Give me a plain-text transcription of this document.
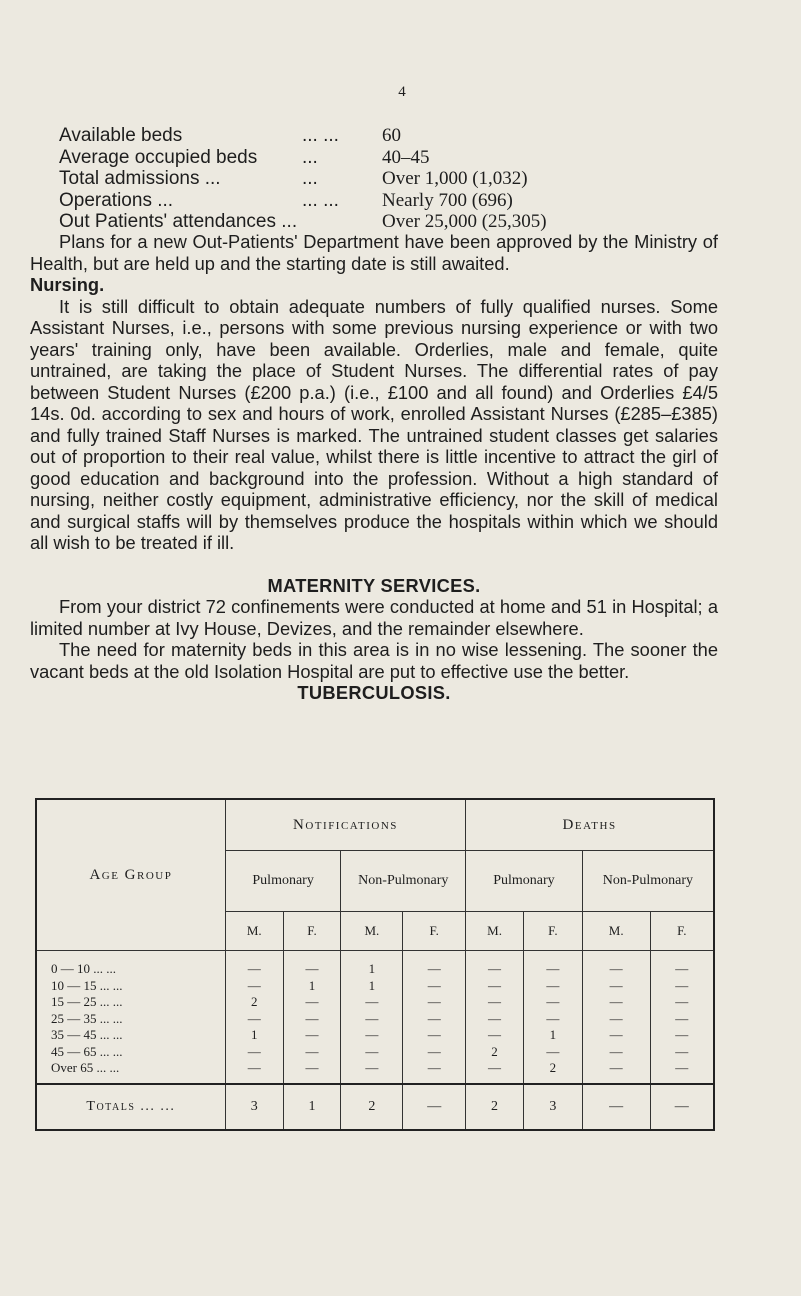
4
Available beds	... ...	60
Average occupied beds	...	40–45
Total admissions ...	...	Over 1,000 (1,032)
Operations ...	... ...	Nearly 700 (696)
Out Patients' attendances ...	Over 25,000 (25,305)

Plans for a new Out-Patients' Department have been approved by the Ministry of Health, but are held up and the starting date is still awaited.

Nursing.

It is still difficult to obtain adequate numbers of fully qualified nurses. Some Assistant Nurses, i.e., persons with some previous nursing experience or with two years' training only, have been available. Orderlies, male and female, quite untrained, are taking the place of Student Nurses. The differential rates of pay between Student Nurses (£200 p.a.) (i.e., £100 and all found) and Orderlies £4/5 14s. 0d. according to sex and hours of work, enrolled Assistant Nurses (£285–£385) and fully trained Staff Nurses is marked. The untrained student classes get salaries out of proportion to their real value, whilst there is little incentive to attract the girl of good education and background into the profession. Without a high standard of nursing, neither costly equipment, administrative efficiency, nor the skill of medical and surgical staffs will by themselves produce the hospitals within which we should all wish to be treated if ill.

MATERNITY SERVICES.

From your district 72 confinements were conducted at home and 51 in Hospital; a limited number at Ivy House, Devizes, and the remainder elsewhere.

The need for maternity beds in this area is in no wise lessening. The sooner the vacant beds at the old Isolation Hospital are put to effective use the better.

TUBERCULOSIS.

Age Group	Notifications				Deaths			
	Pulmonary		Non-Pulmonary		Pulmonary		Non-Pulmonary	
	M.	F.	M.	F.	M.	F.	M.	F.
0 — 10 ... ...	—	—	1	—	—	—	—	—
10 — 15 ... ...	—	1	1	—	—	—	—	—
15 — 25 ... ...	2	—	—	—	—	—	—	—
25 — 35 ... ...	—	—	—	—	—	—	—	—
35 — 45 ... ...	1	—	—	—	—	1	—	—
45 — 65 ... ...	—	—	—	—	2	—	—	—
Over 65 ... ...	—	—	—	—	—	2	—	—
Totals ... ...	3	1	2	—	2	3	—	—
